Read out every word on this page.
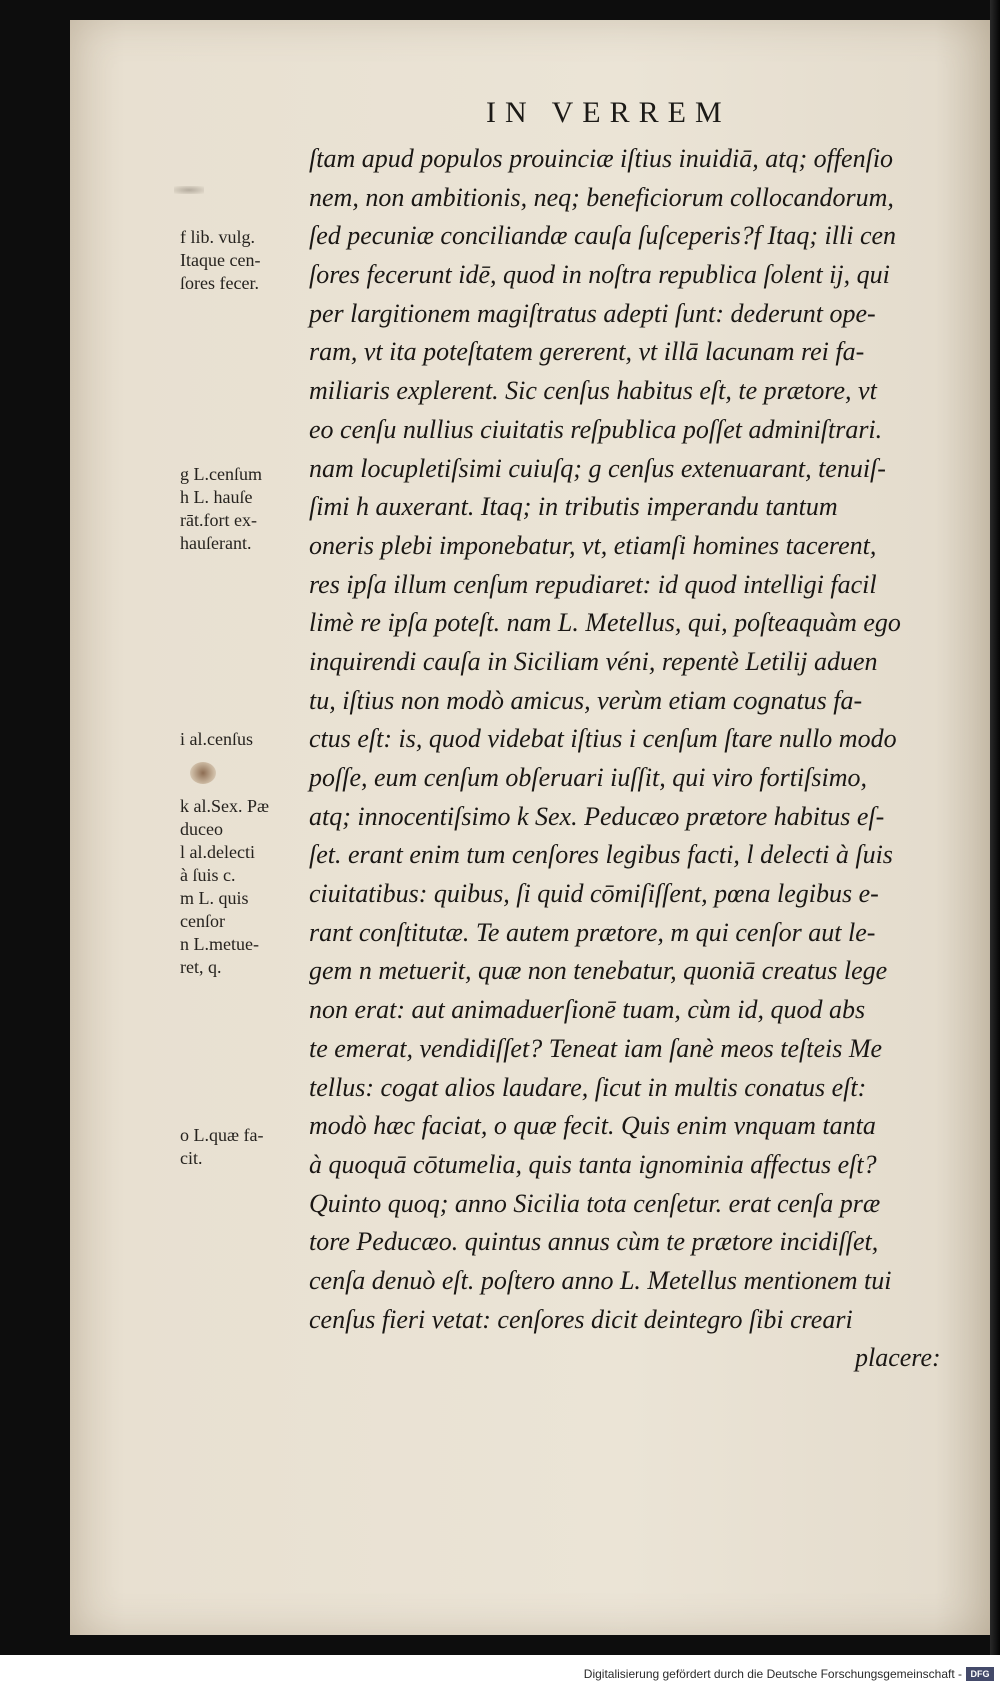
IN VERREM
ſtam apud populos prouinciæ iſtius inuidiā, atq; offenſio
nem, non ambitionis, neq; beneficiorum collocandorum,
ſed pecuniæ conciliandæ cauſa ſuſceperis?f Itaq; illi cen
ſores fecerunt idē, quod in noſtra republica ſolent ij, qui
per largitionem magiſtratus adepti ſunt: dederunt ope-
ram, vt ita poteſtatem gererent, vt illā lacunam rei fa-
miliaris explerent. Sic cenſus habitus eſt, te prætore, vt
eo cenſu nullius ciuitatis reſpublica poſſet adminiſtrari.
nam locupletiſsimi cuiuſq; g cenſus extenuarant, tenuiſ-
ſimi h auxerant. Itaq; in tributis imperandu tantum
oneris plebi imponebatur, vt, etiamſi homines tacerent,
res ipſa illum cenſum repudiaret: id quod intelligi facil
limè re ipſa poteſt. nam L. Metellus, qui, poſteaquàm ego
inquirendi cauſa in Siciliam véni, repentè Letilij aduen
tu, iſtius non modò amicus, verùm etiam cognatus fa-
ctus eſt: is, quod videbat iſtius i cenſum ſtare nullo modo
poſſe, eum cenſum obſeruari iuſſit, qui viro fortiſsimo,
atq; innocentiſsimo k Sex. Peducæo prætore habitus eſ-
ſet. erant enim tum cenſores legibus facti, l delecti à ſuis
ciuitatibus: quibus, ſi quid cōmiſiſſent, pœna legibus e-
rant conſtitutæ. Te autem prætore, m qui cenſor aut le-
gem n metuerit, quæ non tenebatur, quoniā creatus lege
non erat: aut animaduerſionē tuam, cùm id, quod abs
te emerat, vendidiſſet? Teneat iam ſanè meos teſteis Me
tellus: cogat alios laudare, ſicut in multis conatus eſt:
modò hæc faciat, o quæ fecit. Quis enim vnquam tanta
à quoquā cōtumelia, quis tanta ignominia affectus eſt?
Quinto quoq; anno Sicilia tota cenſetur. erat cenſa præ
tore Peducæo. quintus annus cùm te prætore incidiſſet,
cenſa denuò eſt. poſtero anno L. Metellus mentionem tui
cenſus fieri vetat: cenſores dicit deintegro ſibi creari
placere:
f lib. vulg.
Itaque cen-
ſores fecer.
g L.cenſum
h L. hauſe
rāt.fort ex-
hauſerant.
i al.cenſus
k al.Sex. Pæ
duceo
l al.delecti
à ſuis c.
m L. quis
cenſor
n L.metue-
ret, q.
o L.quæ fa-
cit.
Digitalisierung gefördert durch die Deutsche Forschungsgemeinschaft - DFG
